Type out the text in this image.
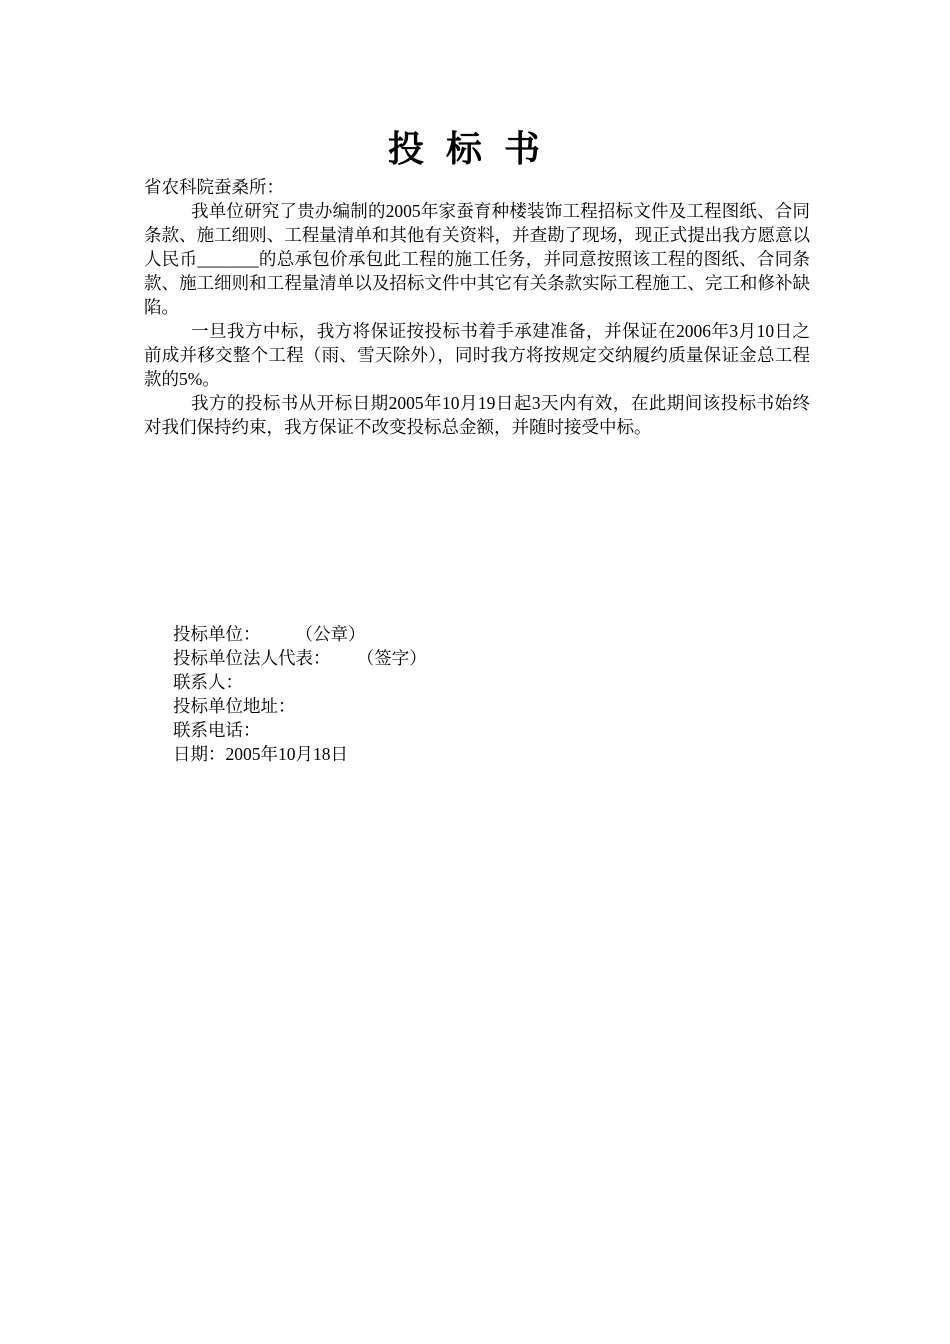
投标书

省农科院蚕桑所：

我单位研究了贵办编制的2005年家蚕育种楼装饰工程招标文件及工程图纸、合同条款、施工细则、工程量清单和其他有关资料，并查勘了现场，现正式提出我方愿意以人民币_______的总承包价承包此工程的施工任务，并同意按照该工程的图纸、合同条款、施工细则和工程量清单以及招标文件中其它有关条款实际工程施工、完工和修补缺陷。

一旦我方中标，我方将保证按投标书着手承建准备，并保证在2006年3月10日之前成并移交整个工程（雨、雪天除外），同时我方将按规定交纳履约质量保证金总工程款的5%。

我方的投标书从开标日期2005年10月19日起3天内有效，在此期间该投标书始终对我们保持约束，我方保证不改变投标总金额，并随时接受中标。

投标单位：        （公章）
投标单位法人代表：      （签字）
联系人：
投标单位地址：
联系电话：
日期：2005年10月18日
